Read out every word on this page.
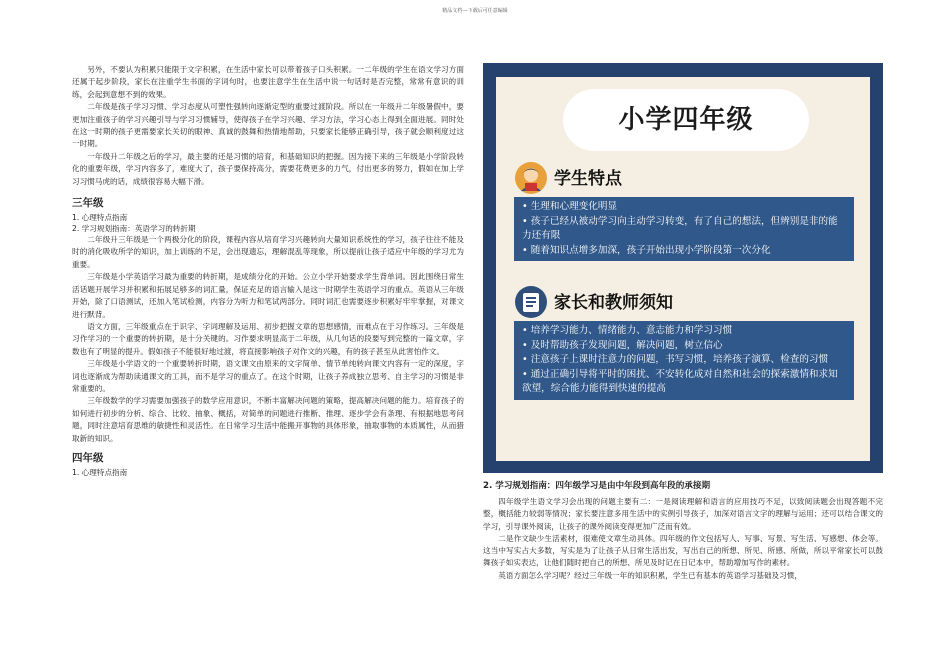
精品文档---下载后可任意编辑

另外，不要认为积累只能限于文字积累，在生活中家长可以带着孩子口头积累。一二年级的学生在语文学习方面还属于起步阶段，家长在注重学生书面的字词句时，也要注意学生在生活中说一句话时是否完整，常常有意识的训练，会起到意想不到的效果。

二年级是孩子学习习惯、学习态度从可塑性强转向逐渐定型的重要过渡阶段。所以在一年级升二年级暑假中，要更加注重孩子的学习兴趣引导与学习习惯辅导，使得孩子在学习兴趣、学习方法，学习心态上得到全面进展。同时处在这一时期的孩子更需要家长关切的眼神、真诚的鼓舞和热情地帮助，只要家长能够正确引导，孩子就会顺利度过这一时期。

一年级升二年级之后的学习，最主要的还是习惯的培育，和基础知识的把握。因为接下来的三年级是小学阶段转化的重要年级，学习内容多了，难度大了，孩子要保持高分，需要花费更多的力气，付出更多的努力，假如在加上学习习惯马虎的话，成绩很容易大幅下滑。

三年级
1. 心理特点指南
2. 学习规划指南：英语学习的转折期

二年级升三年级是一个两极分化的阶段，课程内容从培育学习兴趣转向大量知识系统性的学习，孩子往往不能及时的消化吸收所学的知识，加上训练的不足，会出现遗忘，理解混乱等现象，所以提前让孩子适应中年级的学习尤为重要。

三年级是小学英语学习最为重要的转折期，是成绩分化的开始。公立小学开始要求学生背单词。因此围绕日常生活话题开展学习并积累和拓展足够多的词汇量，保证充足的语言输入是这一时期学生英语学习的重点。英语从三年级开始，除了口语测试，还加入笔试检测，内容分为听力和笔试两部分。同时词汇也需要逐步积累好牢牢掌握，对课文进行默背。

语文方面，三年级重点在于识字、字词理解及运用、初步把握文章的思想感情，而难点在于习作练习。三年级是习作学习的一个重要的转折期，是十分关键的。习作要求明显高于二年级，从几句话的段要写到完整的一篇文章，字数也有了明显的提升。假如孩子不能很好地过渡，将直接影响孩子对作文的兴趣，有的孩子甚至从此害怕作文。

三年级是小学语文的一个重要转折时期，语文课文由原来的文字简单、情节单纯转向课文内容有一定的深度，字词也逐渐成为帮助读通课文的工具，而不是学习的重点了。在这个时期，让孩子养成独立思考、自主学习的习惯是非常重要的。

三年级数学的学习需要加强孩子的数学应用意识，不断丰富解决问题的策略，提高解决问题的能力。培育孩子的如何进行初步的分析、综合、比较、抽象、概括，对简单的问题进行推断、推理、逐步学会有条理、有根据地思考问题，同时注意培育思维的敏捷性和灵活性。在日常学习生活中能搬开事物的具体形象，抽取事物的本质属性，从而猎取新的知识。

四年级
1. 心理特点指南
小学四年级
学生特点
• 生理和心理变化明显
• 孩子已经从被动学习向主动学习转变，有了自己的想法，但辨别是非的能力还有限
• 随着知识点增多加深，孩子开始出现小学阶段第一次分化
家长和教师须知
• 培养学习能力、情绪能力、意志能力和学习习惯
• 及时帮助孩子发现问题，解决问题，树立信心
• 注意孩子上课时注意力的问题，书写习惯，培养孩子演算、检查的习惯
• 通过正确引导将平时的困扰、不安转化成对自然和社会的探索激情和求知欲望，综合能力能得到快速的提高
2. 学习规划指南：四年级学习是由中年段到高年段的承接期

四年级学生语文学习会出现的问题主要有二：一是阅读理解和语言的应用技巧不足，以致阅读题会出现答题不完整，概括能力较弱等情况；家长要注意多用生活中的实例引导孩子，加深对语言文字的理解与运用；还可以结合课文的学习，引导课外阅读，让孩子的课外阅读变得更加广泛而有效。

二是作文缺少生活素材，很难使文章生动具体。四年级的作文包括写人、写事、写景、写生活、写感想、体会等。这当中写实占大多数，写实是为了让孩子从日常生活出发，写出自己的所想、所见、所感、所做，所以平常家长可以鼓舞孩子如实表达，让他们随时把自己的所想、所见及时记在日记本中，帮助增加写作的素材。

英语方面怎么学习呢？经过三年级一年的知识积累，学生已有基本的英语学习基础及习惯，
